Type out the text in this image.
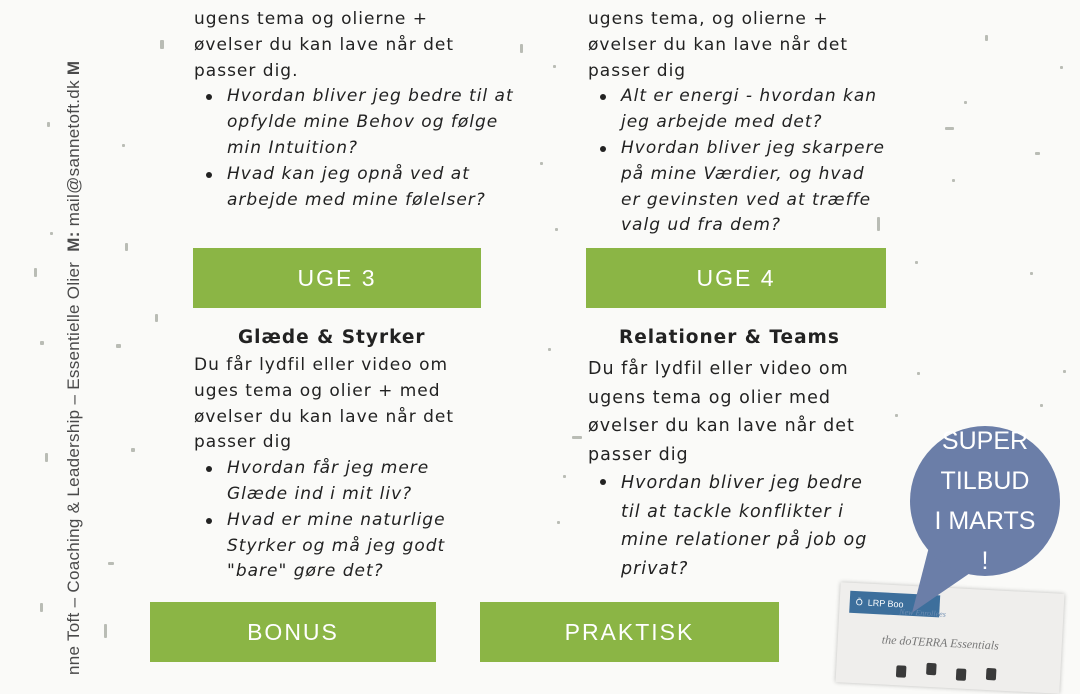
nne Toft – Coaching & Leadership – Essentielle Olier  M: mail@sannetoft.dk M

ugens tema og olierne +

øvelser du kan lave når det

passer dig.

Hvordan bliver jeg bedre til at opfylde mine Behov og følge min Intuition?
Hvad kan jeg opnå ved at arbejde med mine følelser?

ugens tema, og olierne +

øvelser du kan lave når det

passer dig

Alt er energi - hvordan kan jeg arbejde med det?
Hvordan bliver jeg skarpere på mine Værdier, og hvad er gevinsten ved at træffe valg ud fra dem?
UGE 3	UGE 4
Glæde & Styrker

Du får lydfil eller video om

uges tema og olier + med

øvelser du kan lave når det

passer dig

Hvordan får jeg mere Glæde ind i mit liv?
Hvad er mine naturlige Styrker og må jeg godt "bare" gøre det?
Relationer & Teams

Du får lydfil eller video om

ugens tema og olier med

øvelser du kan lave når det

passer dig

Hvordan bliver jeg bedre til at tackle konflikter i mine relationer på job og privat?
BONUS	PRAKTISK
Ō
LRP Boo
New Enrollees
the doTERRA Essentials
SUPER
TILBUD
I MARTS
!
